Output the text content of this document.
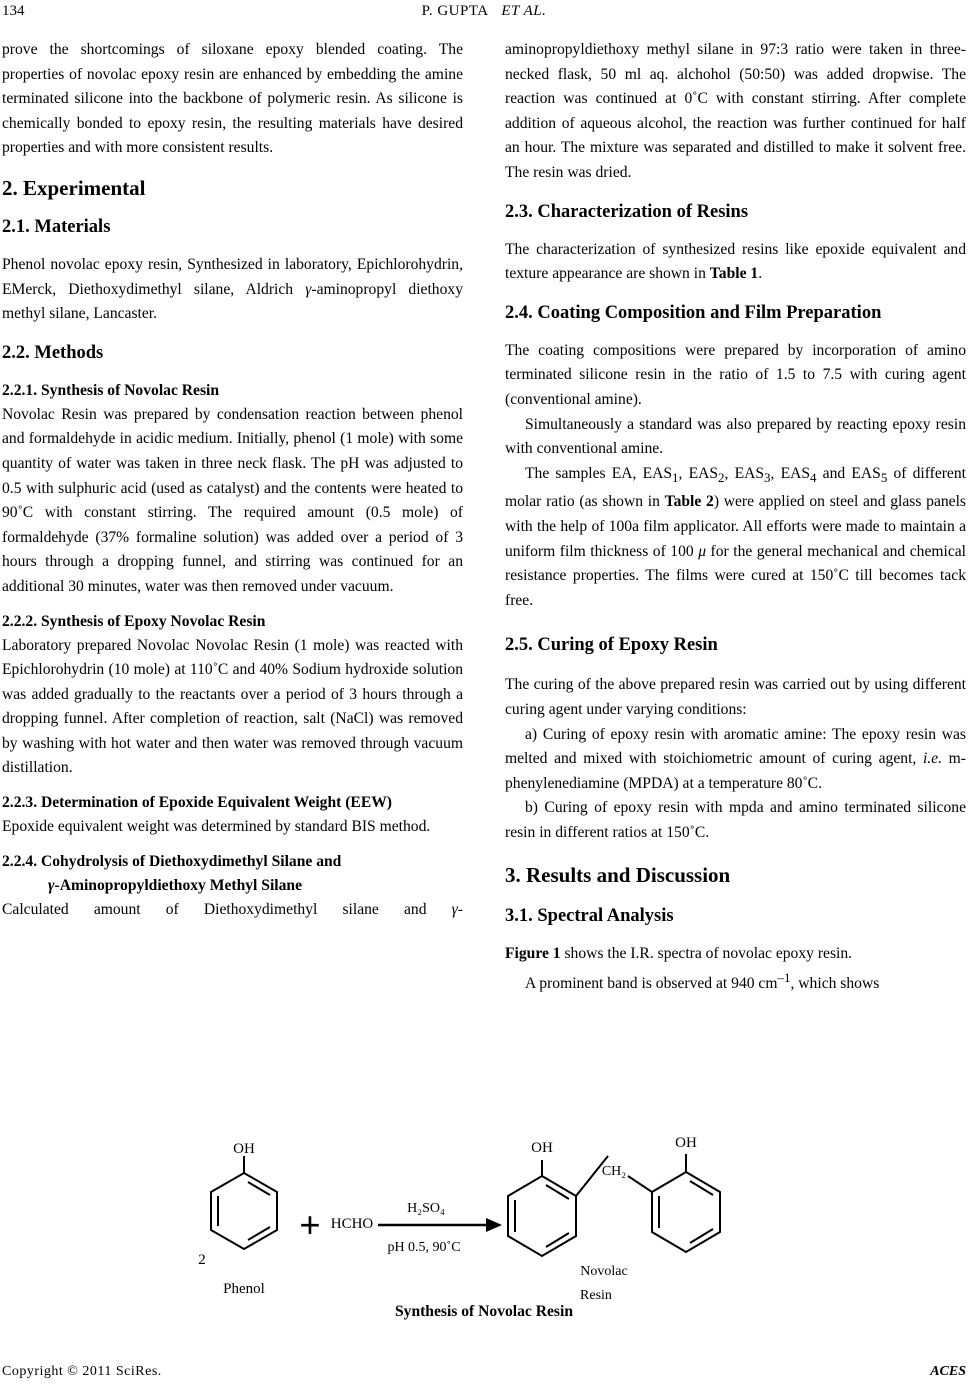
134	P. GUPTA ET AL.

prove the shortcomings of siloxane epoxy blended coating. The properties of novolac epoxy resin are enhanced by embedding the amine terminated silicone into the backbone of polymeric resin. As silicone is chemically bonded to epoxy resin, the resulting materials have desired properties and with more consistent results.

2. Experimental
2.1. Materials

Phenol novolac epoxy resin, Synthesized in laboratory, Epichlorohydrin, EMerck, Diethoxydimethyl silane, Aldrich γ-aminopropyl diethoxy methyl silane, Lancaster.

2.2. Methods
2.2.1. Synthesis of Novolac Resin

Novolac Resin was prepared by condensation reaction between phenol and formaldehyde in acidic medium. Initially, phenol (1 mole) with some quantity of water was taken in three neck flask. The pH was adjusted to 0.5 with sulphuric acid (used as catalyst) and the contents were heated to 90˚C with constant stirring. The required amount (0.5 mole) of formaldehyde (37% formaline solution) was added over a period of 3 hours through a dropping funnel, and stirring was continued for an additional 30 minutes, water was then removed under vacuum.

2.2.2. Synthesis of Epoxy Novolac Resin

Laboratory prepared Novolac Novolac Resin (1 mole) was reacted with Epichlorohydrin (10 mole) at 110˚C and 40% Sodium hydroxide solution was added gradually to the reactants over a period of 3 hours through a dropping funnel. After completion of reaction, salt (NaCl) was removed by washing with hot water and then water was removed through vacuum distillation.

2.2.3. Determination of Epoxide Equivalent Weight (EEW)

Epoxide equivalent weight was determined by standard BIS method.

2.2.4. Cohydrolysis of Diethoxydimethyl Silane and
γ-Aminopropyldiethoxy Methyl Silane

Calculated amount of Diethoxydimethyl silane and γ-

aminopropyldiethoxy methyl silane in 97:3 ratio were taken in three-necked flask, 50 ml aq. alchohol (50:50) was added dropwise. The reaction was continued at 0˚C with constant stirring. After complete addition of aqueous alcohol, the reaction was further continued for half an hour. The mixture was separated and distilled to make it solvent free. The resin was dried.

2.3. Characterization of Resins

The characterization of synthesized resins like epoxide equivalent and texture appearance are shown in Table 1.

2.4. Coating Composition and Film Preparation

The coating compositions were prepared by incorporation of amino terminated silicone resin in the ratio of 1.5 to 7.5 with curing agent (conventional amine).

Simultaneously a standard was also prepared by reacting epoxy resin with conventional amine.

The samples EA, $EAS_1$, $EAS_2$, $EAS_3$, $EAS_4$ and $EAS_5$ of different molar ratio (as shown in Table 2) were applied on steel and glass panels with the help of 100a film applicator. All efforts were made to maintain a uniform film thickness of 100 μ for the general mechanical and chemical resistance properties. The films were cured at 150˚C till becomes tack free.

2.5. Curing of Epoxy Resin

The curing of the above prepared resin was carried out by using different curing agent under varying conditions:

a) Curing of epoxy resin with aromatic amine: The epoxy resin was melted and mixed with stoichiometric amount of curing agent, i.e. m-phenylenediamine (MPDA) at a temperature 80˚C.

b) Curing of epoxy resin with mpda and amino terminated silicone resin in different ratios at 150˚C.

3. Results and Discussion
3.1. Spectral Analysis

Figure 1 shows the I.R. spectra of novolac epoxy resin.

A prominent band is observed at 940 $cm^{-1}$, which shows

OH
2
Phenol
+ HCHO
H₂SO₄
pH 0.5, 90˚C
OH	OH
CH₂
Novolac
Resin
Synthesis of Novolac Resin
Copyright © 2011 SciRes.	ACES
